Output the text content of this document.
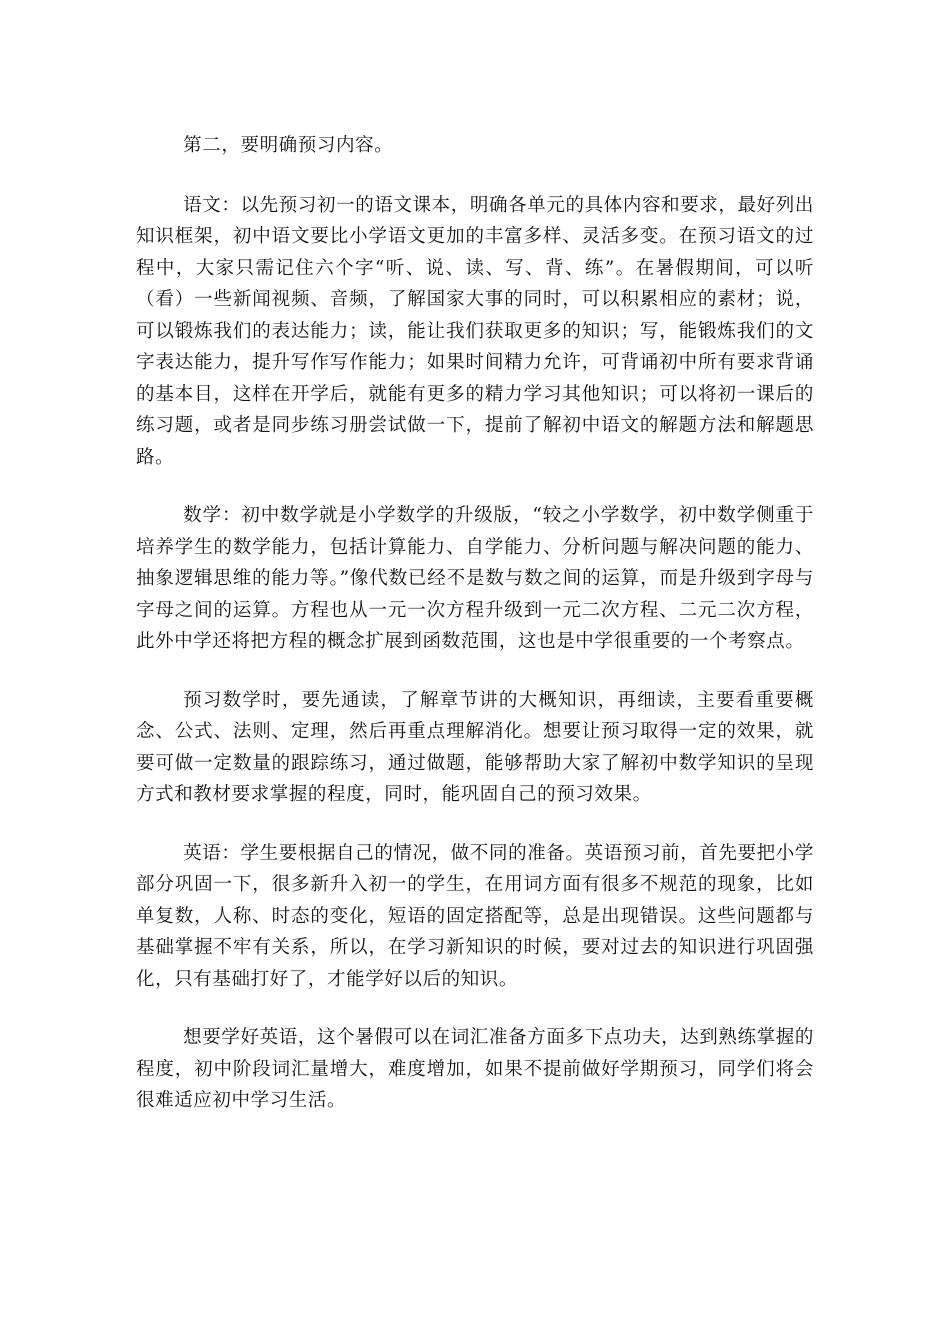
第二，要明确预习内容。

语文：以先预习初一的语文课本，明确各单元的具体内容和要求，最好列出知识框架，初中语文要比小学语文更加的丰富多样、灵活多变。在预习语文的过程中，大家只需记住六个字“听、说、读、写、背、练”。在暑假期间，可以听（看）一些新闻视频、音频，了解国家大事的同时，可以积累相应的素材；说，可以锻炼我们的表达能力；读，能让我们获取更多的知识；写，能锻炼我们的文字表达能力，提升写作写作能力；如果时间精力允许，可背诵初中所有要求背诵的基本目，这样在开学后，就能有更多的精力学习其他知识；可以将初一课后的练习题，或者是同步练习册尝试做一下，提前了解初中语文的解题方法和解题思路。

数学：初中数学就是小学数学的升级版，“较之小学数学，初中数学侧重于培养学生的数学能力，包括计算能力、自学能力、分析问题与解决问题的能力、抽象逻辑思维的能力等。”像代数已经不是数与数之间的运算，而是升级到字母与字母之间的运算。方程也从一元一次方程升级到一元二次方程、二元二次方程，此外中学还将把方程的概念扩展到函数范围，这也是中学很重要的一个考察点。

预习数学时，要先通读，了解章节讲的大概知识，再细读，主要看重要概念、公式、法则、定理，然后再重点理解消化。想要让预习取得一定的效果，就要可做一定数量的跟踪练习，通过做题，能够帮助大家了解初中数学知识的呈现方式和教材要求掌握的程度，同时，能巩固自己的预习效果。

英语：学生要根据自己的情况，做不同的准备。英语预习前，首先要把小学部分巩固一下，很多新升入初一的学生，在用词方面有很多不规范的现象，比如单复数，人称、时态的变化，短语的固定搭配等，总是出现错误。这些问题都与基础掌握不牢有关系，所以，在学习新知识的时候，要对过去的知识进行巩固强化，只有基础打好了，才能学好以后的知识。

想要学好英语，这个暑假可以在词汇准备方面多下点功夫，达到熟练掌握的程度，初中阶段词汇量增大，难度增加，如果不提前做好学期预习，同学们将会很难适应初中学习生活。
